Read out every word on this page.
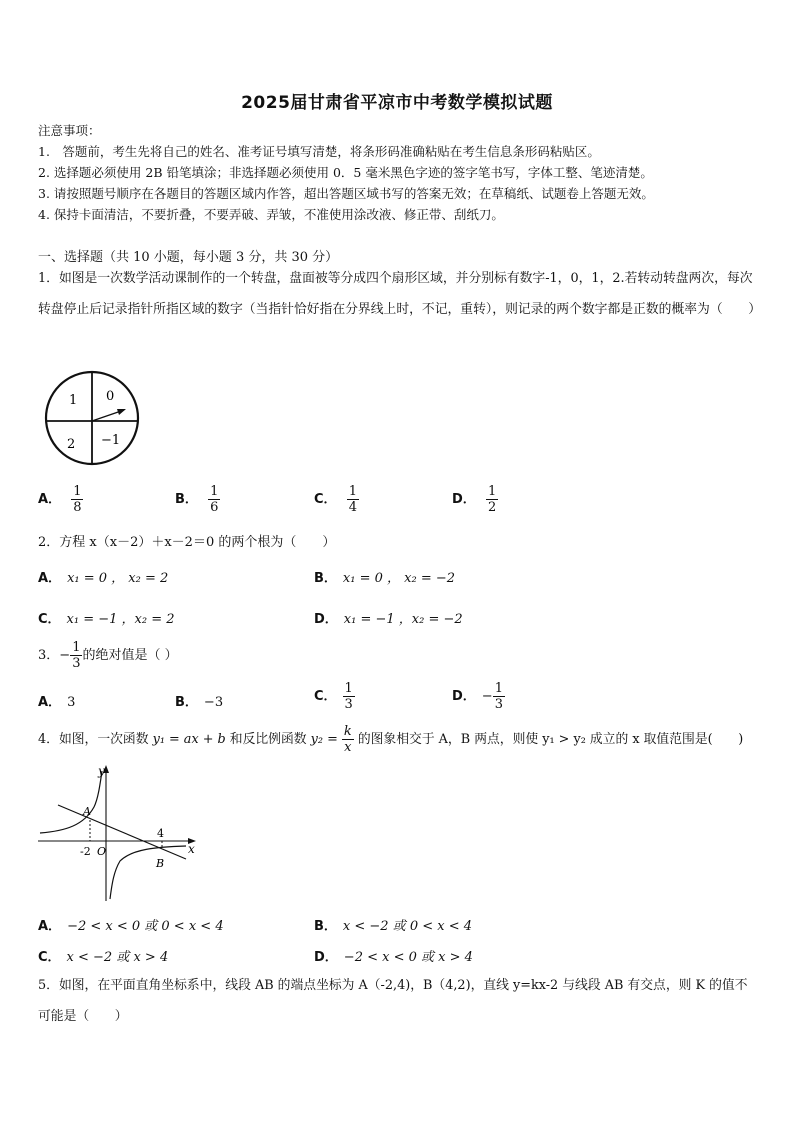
2025届甘肃省平凉市中考数学模拟试题
注意事项：
1.　答题前，考生先将自己的姓名、准考证号填写清楚，将条形码准确粘贴在考生信息条形码粘贴区。
2. 选择题必须使用 2B 铅笔填涂；非选择题必须使用 0．5 毫米黑色字迹的签字笔书写，字体工整、笔迹清楚。
3. 请按照题号顺序在各题目的答题区域内作答，超出答题区域书写的答案无效；在草稿纸、试题卷上答题无效。
4. 保持卡面清洁，不要折叠，不要弄破、弄皱，不准使用涂改液、修正带、刮纸刀。
一、选择题（共 10 小题，每小题 3 分，共 30 分）
1．如图是一次数学活动课制作的一个转盘，盘面被等分成四个扇形区域，并分别标有数字-1，0，1，2.若转动转盘两次，每次转盘停止后记录指针所指区域的数字（当指针恰好指在分界线上时，不记，重转），则记录的两个数字都是正数的概率为（　　）
1 0
2 −1
A． $\frac{1}{8}$	B． $\frac{1}{6}$	C． $\frac{1}{4}$	D． $\frac{1}{2}$
2．方程 x（x－2）＋x－2＝0 的两个根为（　　）
A． x₁ = 0 ， x₂ = 2	B． x₁ = 0 ， x₂ = −2
C． x₁ = −1 ，x₂ = 2	D． x₁ = −1 ，x₂ = −2
3．− $\frac{1}{3}$ 的绝对值是（ ）
A． 3	B． −3	C． $\frac{1}{3}$	D． − $\frac{1}{3}$
4．如图，一次函数 y₁ = ax + b 和反比例函数 $y_2 = \frac{k}{x}$ 的图象相交于 A，B 两点，则使 y₁ > y₂ 成立的 x 取值范围是(　　)
y
x
A
B
O
-2
4
A． −2 < x < 0 或 0 < x < 4	B． x < −2 或 0 < x < 4
C． x < −2 或 x > 4	D． −2 < x < 0 或 x > 4
5．如图，在平面直角坐标系中，线段 AB 的端点坐标为 A（-2,4)，B（4,2)，直线 y=kx-2 与线段 AB 有交点，则 K 的值不可能是（　　）
